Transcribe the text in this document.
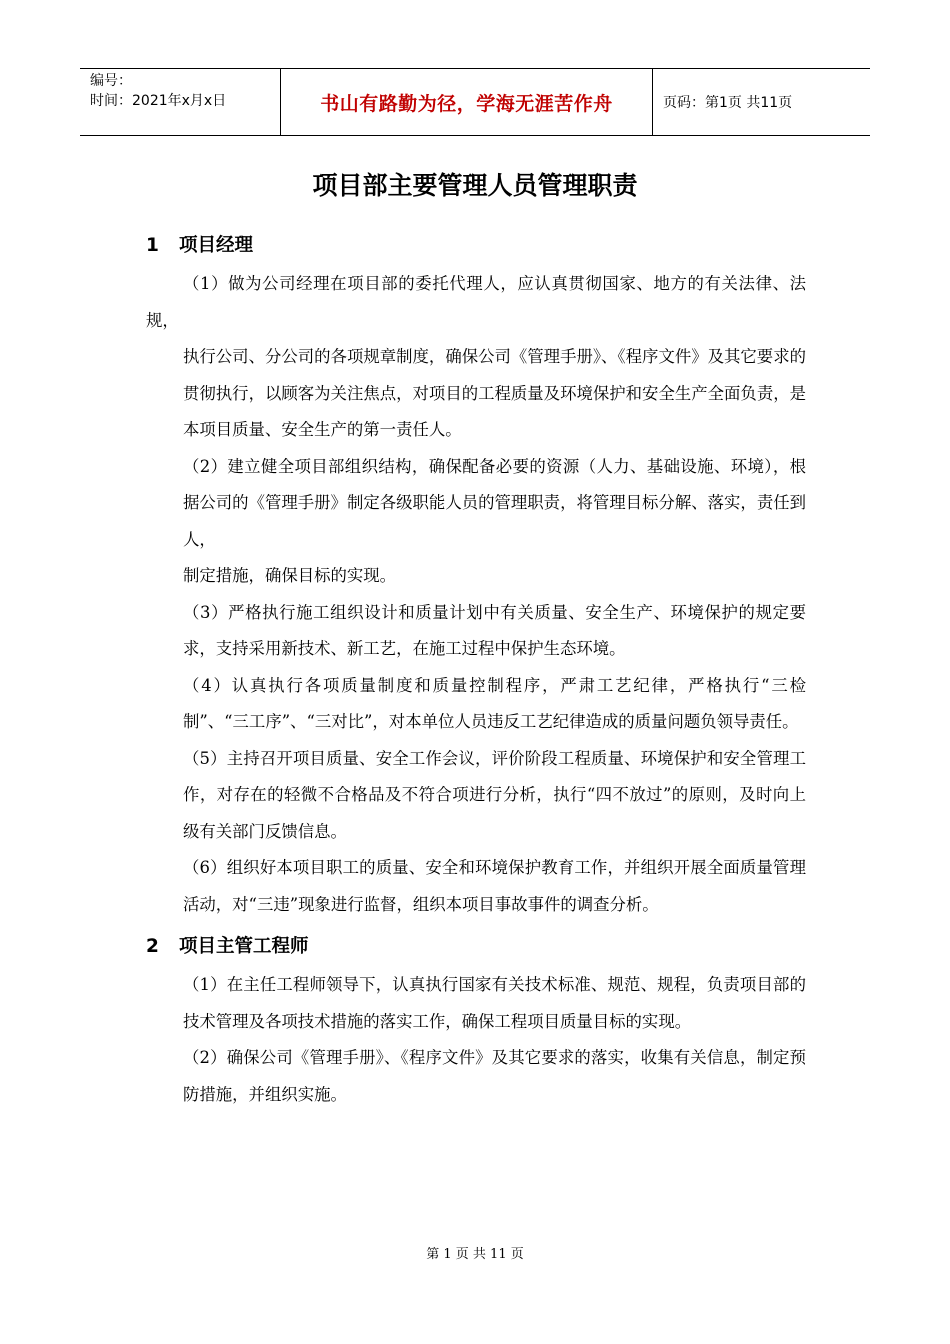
编号：
时间：2021年x月x日	书山有路勤为径，学海无涯苦作舟	页码：第1页 共11页
项目部主要管理人员管理职责
1 项目经理

（1）做为公司经理在项目部的委托代理人，应认真贯彻国家、地方的有关法律、法规，

执行公司、分公司的各项规章制度，确保公司《管理手册》、《程序文件》及其它要求的贯彻执行，以顾客为关注焦点，对项目的工程质量及环境保护和安全生产全面负责，是本项目质量、安全生产的第一责任人。

（2）建立健全项目部组织结构，确保配备必要的资源（人力、基础设施、环境），根据公司的《管理手册》制定各级职能人员的管理职责，将管理目标分解、落实，责任到人，

制定措施，确保目标的实现。

（3）严格执行施工组织设计和质量计划中有关质量、安全生产、环境保护的规定要求，支持采用新技术、新工艺，在施工过程中保护生态环境。

（4）认真执行各项质量制度和质量控制程序，严肃工艺纪律，严格执行“三检制”、“三工序”、“三对比”，对本单位人员违反工艺纪律造成的质量问题负领导责任。

（5）主持召开项目质量、安全工作会议，评价阶段工程质量、环境保护和安全管理工作，对存在的轻微不合格品及不符合项进行分析，执行“四不放过”的原则，及时向上级有关部门反馈信息。

（6）组织好本项目职工的质量、安全和环境保护教育工作，并组织开展全面质量管理活动，对“三违”现象进行监督，组织本项目事故事件的调查分析。

2 项目主管工程师

（1）在主任工程师领导下，认真执行国家有关技术标准、规范、规程，负责项目部的技术管理及各项技术措施的落实工作，确保工程项目质量目标的实现。

（2）确保公司《管理手册》、《程序文件》及其它要求的落实，收集有关信息，制定预防措施，并组织实施。

第 1 页 共 11 页
